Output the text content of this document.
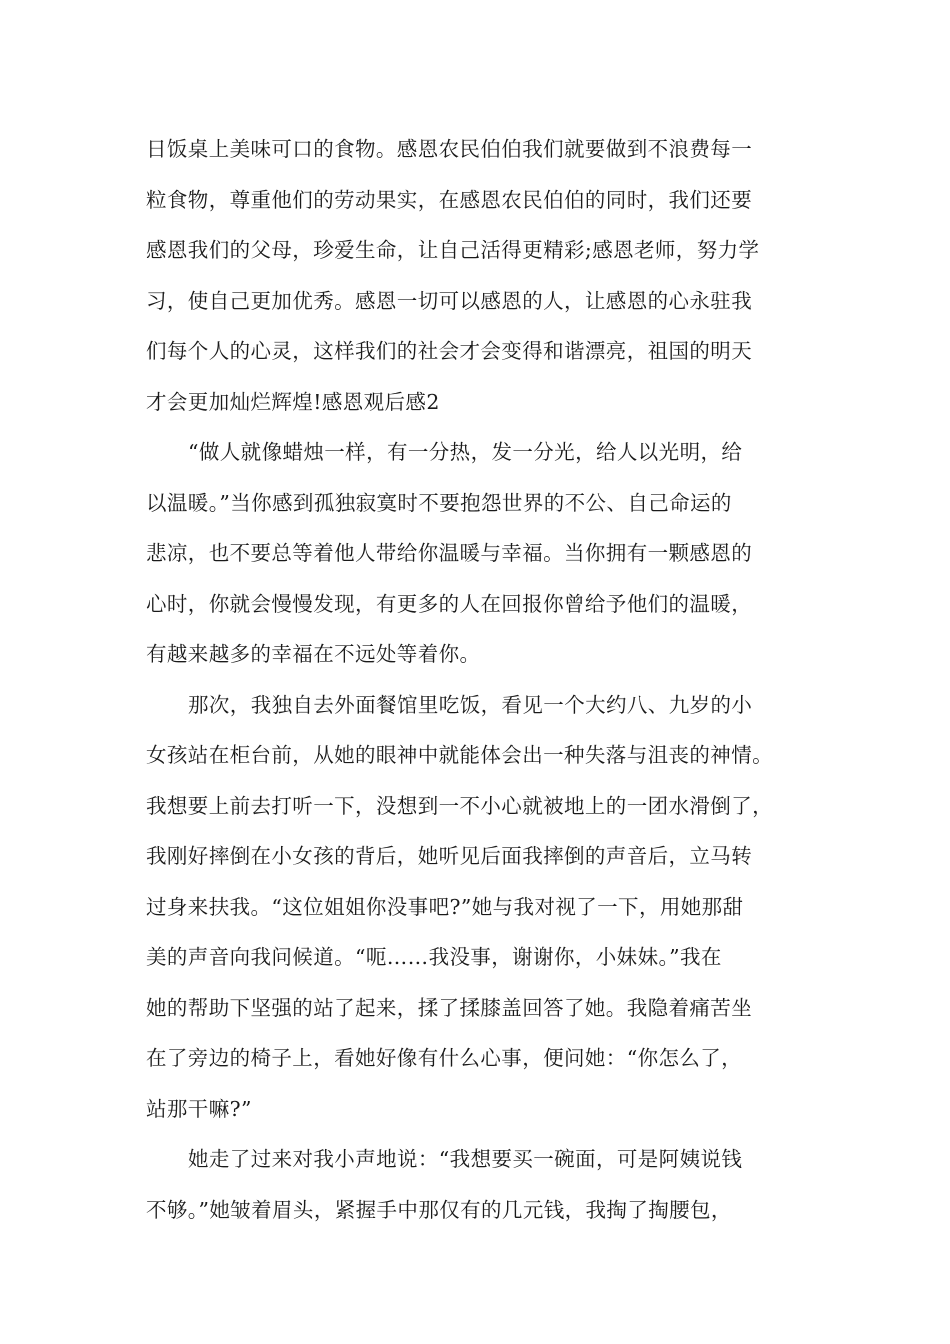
日饭桌上美味可口的食物。感恩农民伯伯我们就要做到不浪费每一
粒食物，尊重他们的劳动果实，在感恩农民伯伯的同时，我们还要
感恩我们的父母，珍爱生命，让自己活得更精彩;感恩老师，努力学
习，使自己更加优秀。感恩一切可以感恩的人，让感恩的心永驻我
们每个人的心灵，这样我们的社会才会变得和谐漂亮，祖国的明天
才会更加灿烂辉煌!感恩观后感2
“做人就像蜡烛一样，有一分热，发一分光，给人以光明，给
以温暖。”当你感到孤独寂寞时不要抱怨世界的不公、自己命运的
悲凉，也不要总等着他人带给你温暖与幸福。当你拥有一颗感恩的
心时，你就会慢慢发现，有更多的人在回报你曾给予他们的温暖，
有越来越多的幸福在不远处等着你。
那次，我独自去外面餐馆里吃饭，看见一个大约八、九岁的小
女孩站在柜台前，从她的眼神中就能体会出一种失落与沮丧的神情。
我想要上前去打听一下，没想到一不小心就被地上的一团水滑倒了，
我刚好摔倒在小女孩的背后，她听见后面我摔倒的声音后，立马转
过身来扶我。“这位姐姐你没事吧?”她与我对视了一下，用她那甜
美的声音向我问候道。“呃……我没事，谢谢你，小妹妹。”我在
她的帮助下坚强的站了起来，揉了揉膝盖回答了她。我隐着痛苦坐
在了旁边的椅子上，看她好像有什么心事，便问她：“你怎么了，
站那干嘛?”
她走了过来对我小声地说：“我想要买一碗面，可是阿姨说钱
不够。”她皱着眉头，紧握手中那仅有的几元钱，我掏了掏腰包，
